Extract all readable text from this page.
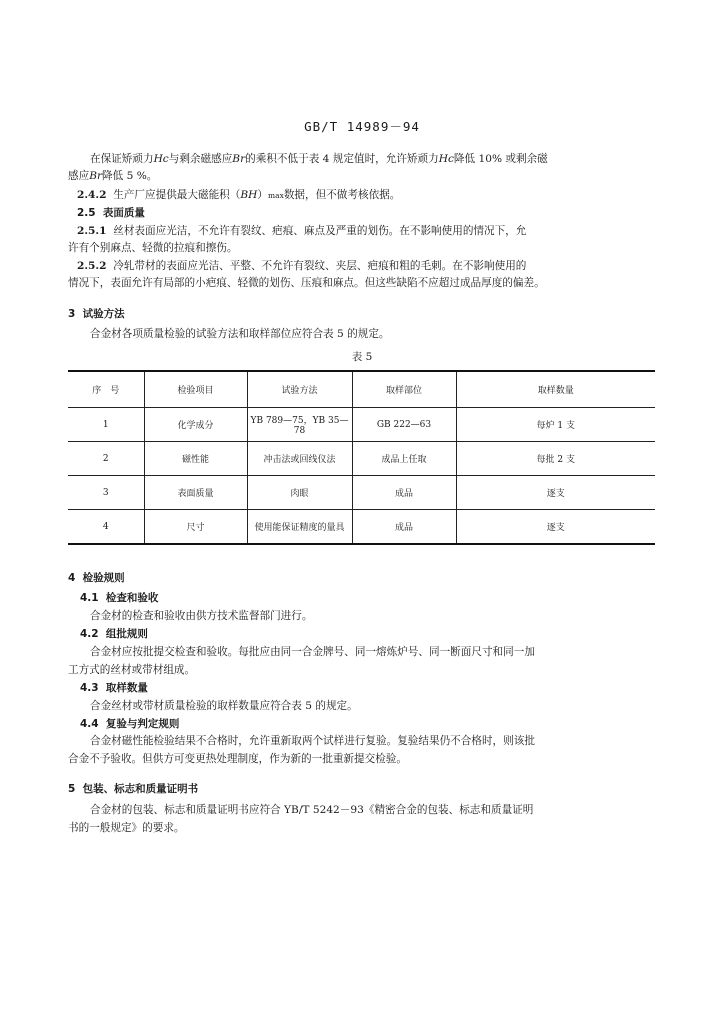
GB/T 14989－94
在保证矫顽力Hc与剩余磁感应Br的乘积不低于表 4 规定值时，允许矫顽力Hc降低 10% 或剩余磁
感应Br降低 5 %。
2.4.2 生产厂应提供最大磁能积（BH）max数据，但不做考核依据。
2.5 表面质量
2.5.1 丝材表面应光洁，不允许有裂纹、疤痕、麻点及严重的划伤。在不影响使用的情况下，允
许有个别麻点、轻微的拉痕和擦伤。
2.5.2 冷轧带材的表面应光洁、平整、不允许有裂纹、夹层、疤痕和粗的毛刺。在不影响使用的
情况下，表面允许有局部的小疤痕、轻微的划伤、压痕和麻点。但这些缺陷不应超过成品厚度的偏差。
3 试验方法
合金材各项质量检验的试验方法和取样部位应符合表 5 的规定。
表 5
序　号	检验项目	试验方法	取样部位	取样数量
1	化学成分	YB 789—75，YB 35—78	GB 222—63	每炉 1 支
2	磁性能	冲击法或回线仪法	成品上任取	每批 2 支
3	表面质量	肉眼	成品	逐支
4	尺寸	使用能保证精度的量具	成品	逐支
4 检验规则
4.1 检查和验收
合金材的检查和验收由供方技术监督部门进行。
4.2 组批规则
合金材应按批提交检查和验收。每批应由同一合金牌号、同一熔炼炉号、同一断面尺寸和同一加
工方式的丝材或带材组成。
4.3 取样数量
合金丝材或带材质量检验的取样数量应符合表 5 的规定。
4.4 复验与判定规则
合金材磁性能检验结果不合格时，允许重新取两个试样进行复验。复验结果仍不合格时，则该批
合金不予验收。但供方可变更热处理制度，作为新的一批重新提交检验。
5 包装、标志和质量证明书
合金材的包装、标志和质量证明书应符合 YB/T 5242－93《精密合金的包装、标志和质量证明
书的一般规定》的要求。
